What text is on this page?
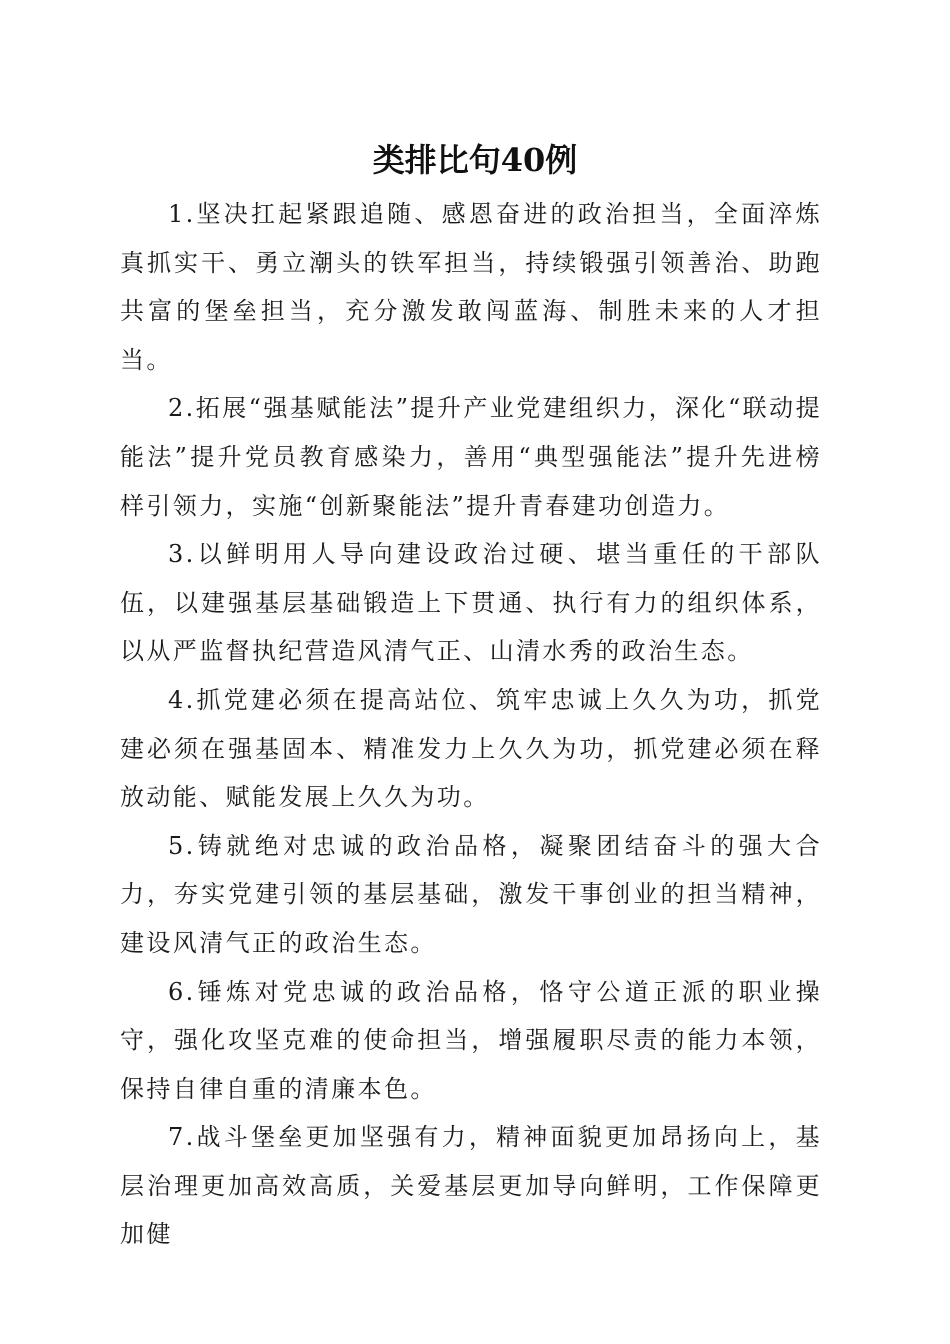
类排比句40例

1.坚决扛起紧跟追随、感恩奋进的政治担当，全面淬炼真抓实干、勇立潮头的铁军担当，持续锻强引领善治、助跑共富的堡垒担当，充分激发敢闯蓝海、制胜未来的人才担当。

2.拓展“强基赋能法”提升产业党建组织力，深化“联动提能法”提升党员教育感染力，善用“典型强能法”提升先进榜样引领力，实施“创新聚能法”提升青春建功创造力。

3.以鲜明用人导向建设政治过硬、堪当重任的干部队伍，以建强基层基础锻造上下贯通、执行有力的组织体系，以从严监督执纪营造风清气正、山清水秀的政治生态。

4.抓党建必须在提高站位、筑牢忠诚上久久为功，抓党建必须在强基固本、精准发力上久久为功，抓党建必须在释放动能、赋能发展上久久为功。

5.铸就绝对忠诚的政治品格，凝聚团结奋斗的强大合力，夯实党建引领的基层基础，激发干事创业的担当精神，建设风清气正的政治生态。

6.锤炼对党忠诚的政治品格，恪守公道正派的职业操守，强化攻坚克难的使命担当，增强履职尽责的能力本领，保持自律自重的清廉本色。

7.战斗堡垒更加坚强有力，精神面貌更加昂扬向上，基层治理更加高效高质，关爱基层更加导向鲜明，工作保障更加健
